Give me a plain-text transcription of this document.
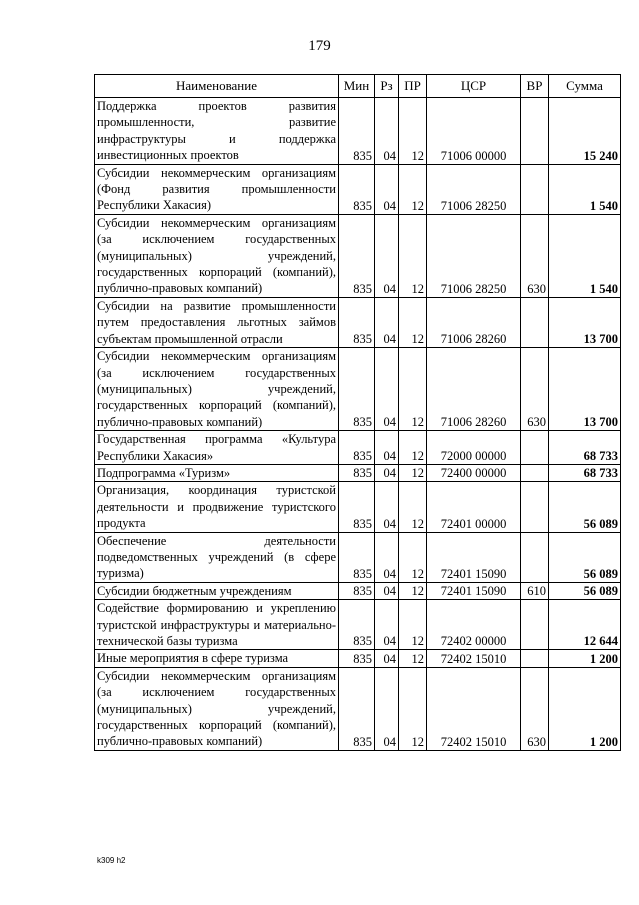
179
Наименование	Мин	Рз	ПР	ЦСР	ВР	Сумма
Поддержка проектов развития промышленности, развитие инфраструктуры и поддержка инвестиционных проектов	835	04	12	71006 00000		15 240
Субсидии некоммерческим организациям (Фонд развития промышленности Республики Хакасия)	835	04	12	71006 28250		1 540
Субсидии некоммерческим организациям (за исключением государственных (муниципальных) учреждений, государственных корпораций (компаний), публично-правовых компаний)	835	04	12	71006 28250	630	1 540
Субсидии на развитие промышленности путем предоставления льготных займов субъектам промышленной отрасли	835	04	12	71006 28260		13 700
Субсидии некоммерческим организациям (за исключением государственных (муниципальных) учреждений, государственных корпораций (компаний), публично-правовых компаний)	835	04	12	71006 28260	630	13 700
Государственная программа «Культура Республики Хакасия»	835	04	12	72000 00000		68 733
Подпрограмма «Туризм»	835	04	12	72400 00000		68 733
Организация, координация туристской деятельности и продвижение туристского продукта	835	04	12	72401 00000		56 089
Обеспечение деятельности подведомственных учреждений (в сфере туризма)	835	04	12	72401 15090		56 089
Субсидии бюджетным учреждениям	835	04	12	72401 15090	610	56 089
Содействие формированию и укреплению туристской инфраструктуры и материально-технической базы туризма	835	04	12	72402 00000		12 644
Иные мероприятия в сфере туризма	835	04	12	72402 15010		1 200
Субсидии некоммерческим организациям (за исключением государственных (муниципальных) учреждений, государственных корпораций (компаний), публично-правовых компаний)	835	04	12	72402 15010	630	1 200
k309 h2
